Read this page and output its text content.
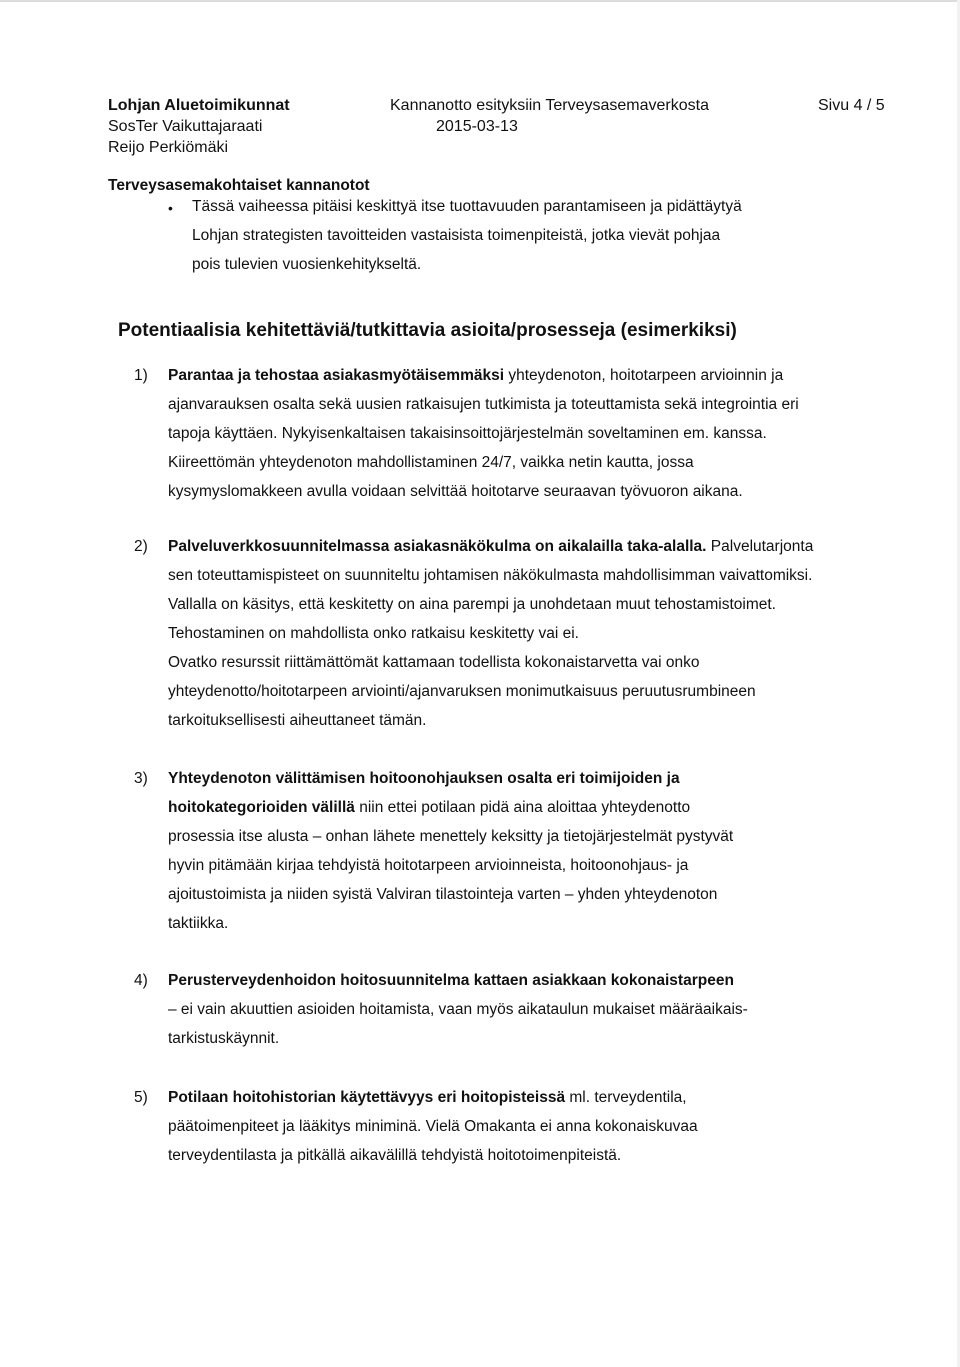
Lohjan Aluetoimikunnat
SosTer Vaikuttajaraati
Reijo Perkiömäki
Kannanotto esityksiin Terveysasemaverkosta
2015-03-13
Sivu 4 / 5
Terveysasemakohtaiset kannanotot
• Tässä vaiheessa pitäisi keskittyä itse tuottavuuden parantamiseen ja pidättäytyä
Lohjan strategisten tavoitteiden vastaisista toimenpiteistä, jotka vievät pohjaa
pois tulevien vuosienkehitykseltä.
Potentiaalisia kehitettäviä/tutkittavia asioita/prosesseja (esimerkiksi)
1) Parantaa ja tehostaa asiakasmyötäisemmäksi yhteydenoton, hoitotarpeen arvioinnin ja
ajanvarauksen osalta sekä uusien ratkaisujen tutkimista ja toteuttamista sekä integrointia eri
tapoja käyttäen. Nykyisenkaltaisen takaisinsoittojärjestelmän soveltaminen em. kanssa.
Kiireettömän yhteydenoton mahdollistaminen 24/7, vaikka netin kautta, jossa
kysymyslomakkeen avulla voidaan selvittää hoitotarve seuraavan työvuoron aikana.
2) Palveluverkkosuunnitelmassa asiakasnäkökulma on aikalailla taka-alalla. Palvelutarjonta
sen toteuttamispisteet on suunniteltu johtamisen näkökulmasta mahdollisimman vaivattomiksi.
Vallalla on käsitys, että keskitetty on aina parempi ja unohdetaan muut tehostamistoimet.
Tehostaminen on mahdollista onko ratkaisu keskitetty vai ei.
Ovatko resurssit riittämättömät kattamaan todellista kokonaistarvetta vai onko
yhteydenotto/hoitotarpeen arviointi/ajanvaruksen monimutkaisuus peruutusrumbineen
tarkoituksellisesti aiheuttaneet tämän.
3) Yhteydenoton välittämisen hoitoonohjauksen osalta eri toimijoiden ja
hoitokategorioiden välillä niin ettei potilaan pidä aina aloittaa yhteydenotto
prosessia itse alusta – onhan lähete menettely keksitty ja tietojärjestelmät pystyvät
hyvin pitämään kirjaa tehdyistä hoitotarpeen arvioinneista, hoitoonohjaus- ja
ajoitustoimista ja niiden syistä Valviran tilastointeja varten – yhden yhteydenoton
taktiikka.
4) Perusterveydenhoidon hoitosuunnitelma kattaen asiakkaan kokonaistarpeen
– ei vain akuuttien asioiden hoitamista, vaan myös aikataulun mukaiset määräaikais-
tarkistuskäynnit.
5) Potilaan hoitohistorian käytettävyys eri hoitopisteissä ml. terveydentila,
päätoimenpiteet ja lääkitys miniminä. Vielä Omakanta ei anna kokonaiskuvaa
terveydentilasta ja pitkällä aikavälillä tehdyistä hoitotoimenpiteistä.
